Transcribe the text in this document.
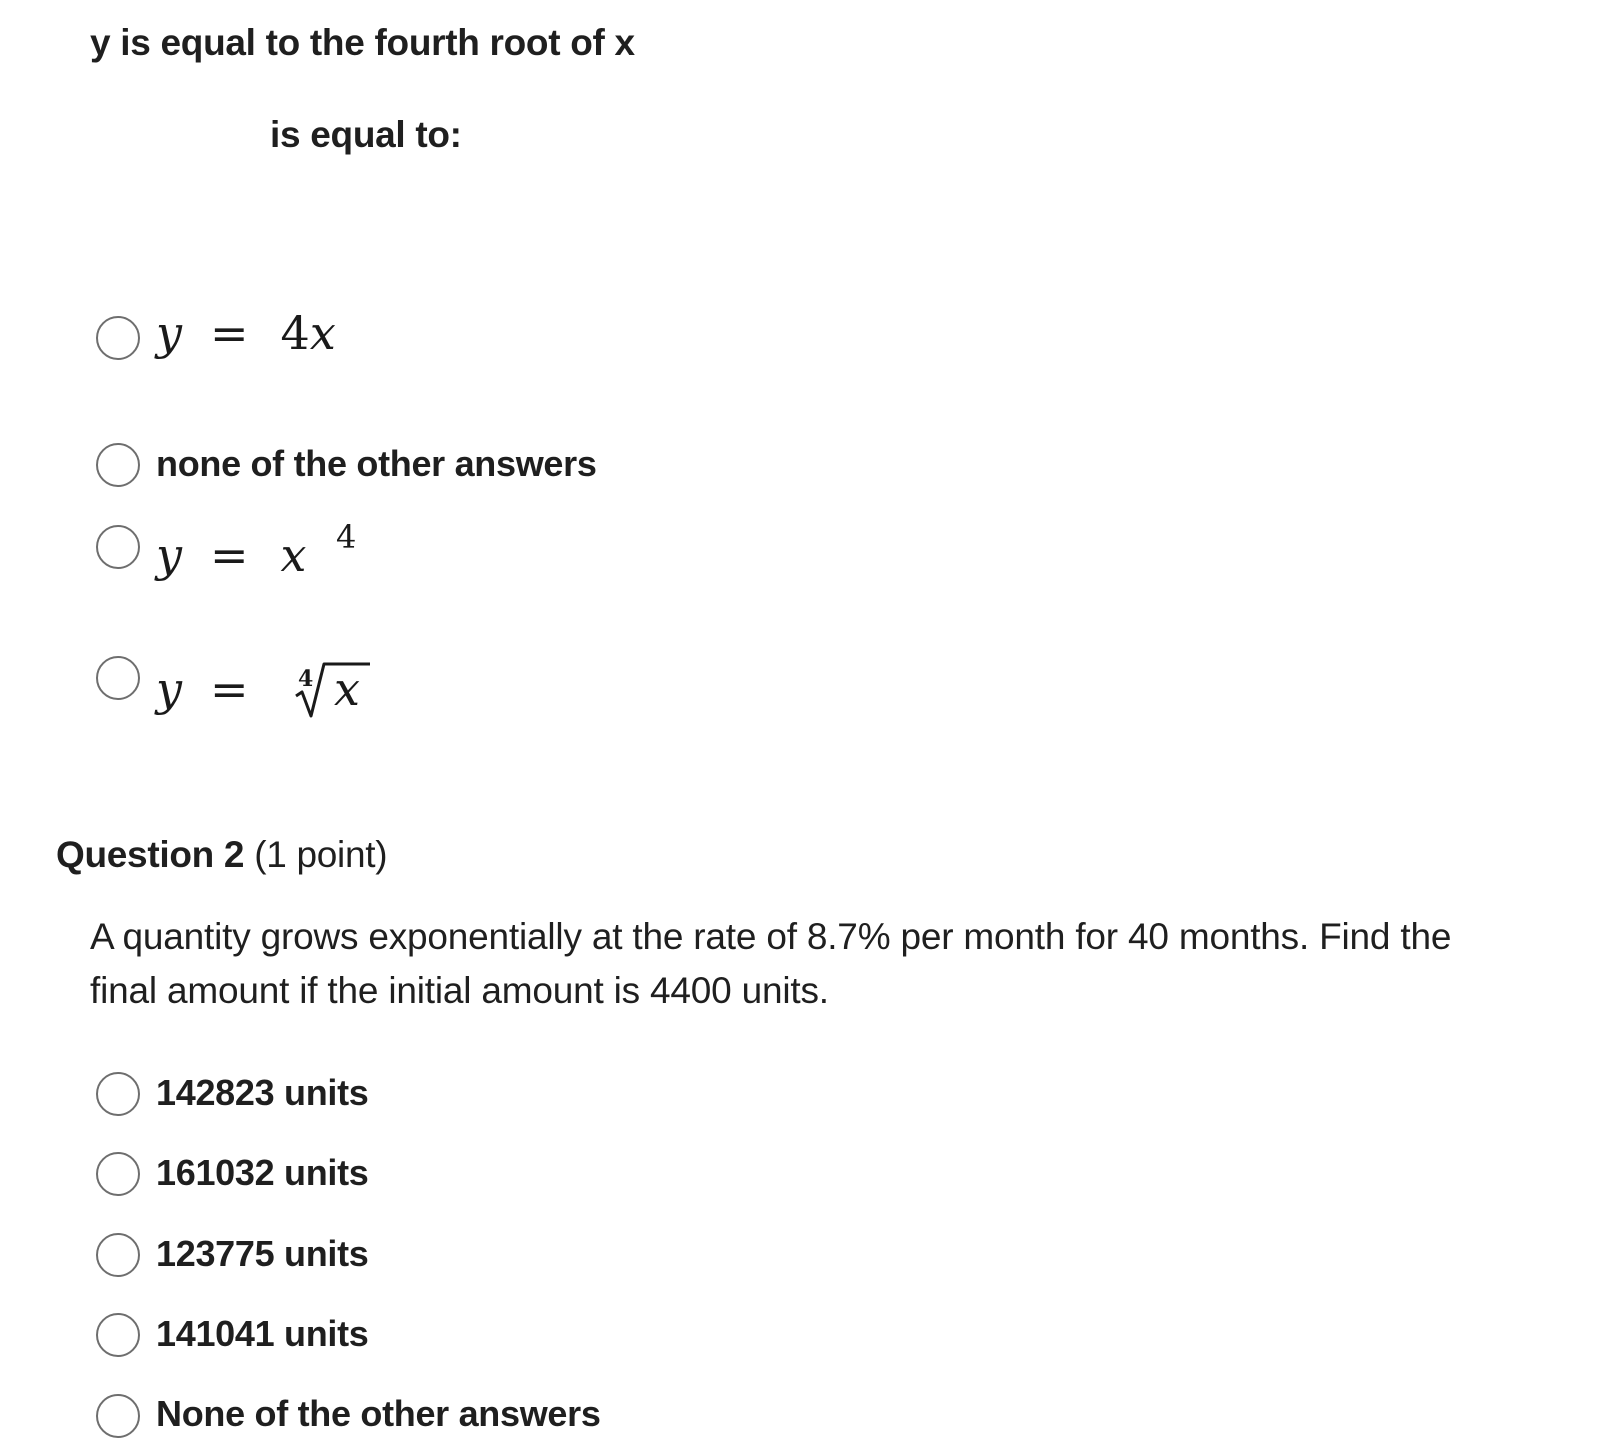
y is equal to the fourth root of x
is equal to:
y = 4x
none of the other answers
y = x 4
y =	4 x
Question 2 (1 point)
A quantity grows exponentially at the rate of 8.7% per month for 40 months. Find the final amount if the initial amount is 4400 units.
142823 units
161032 units
123775 units
141041 units
None of the other answers
